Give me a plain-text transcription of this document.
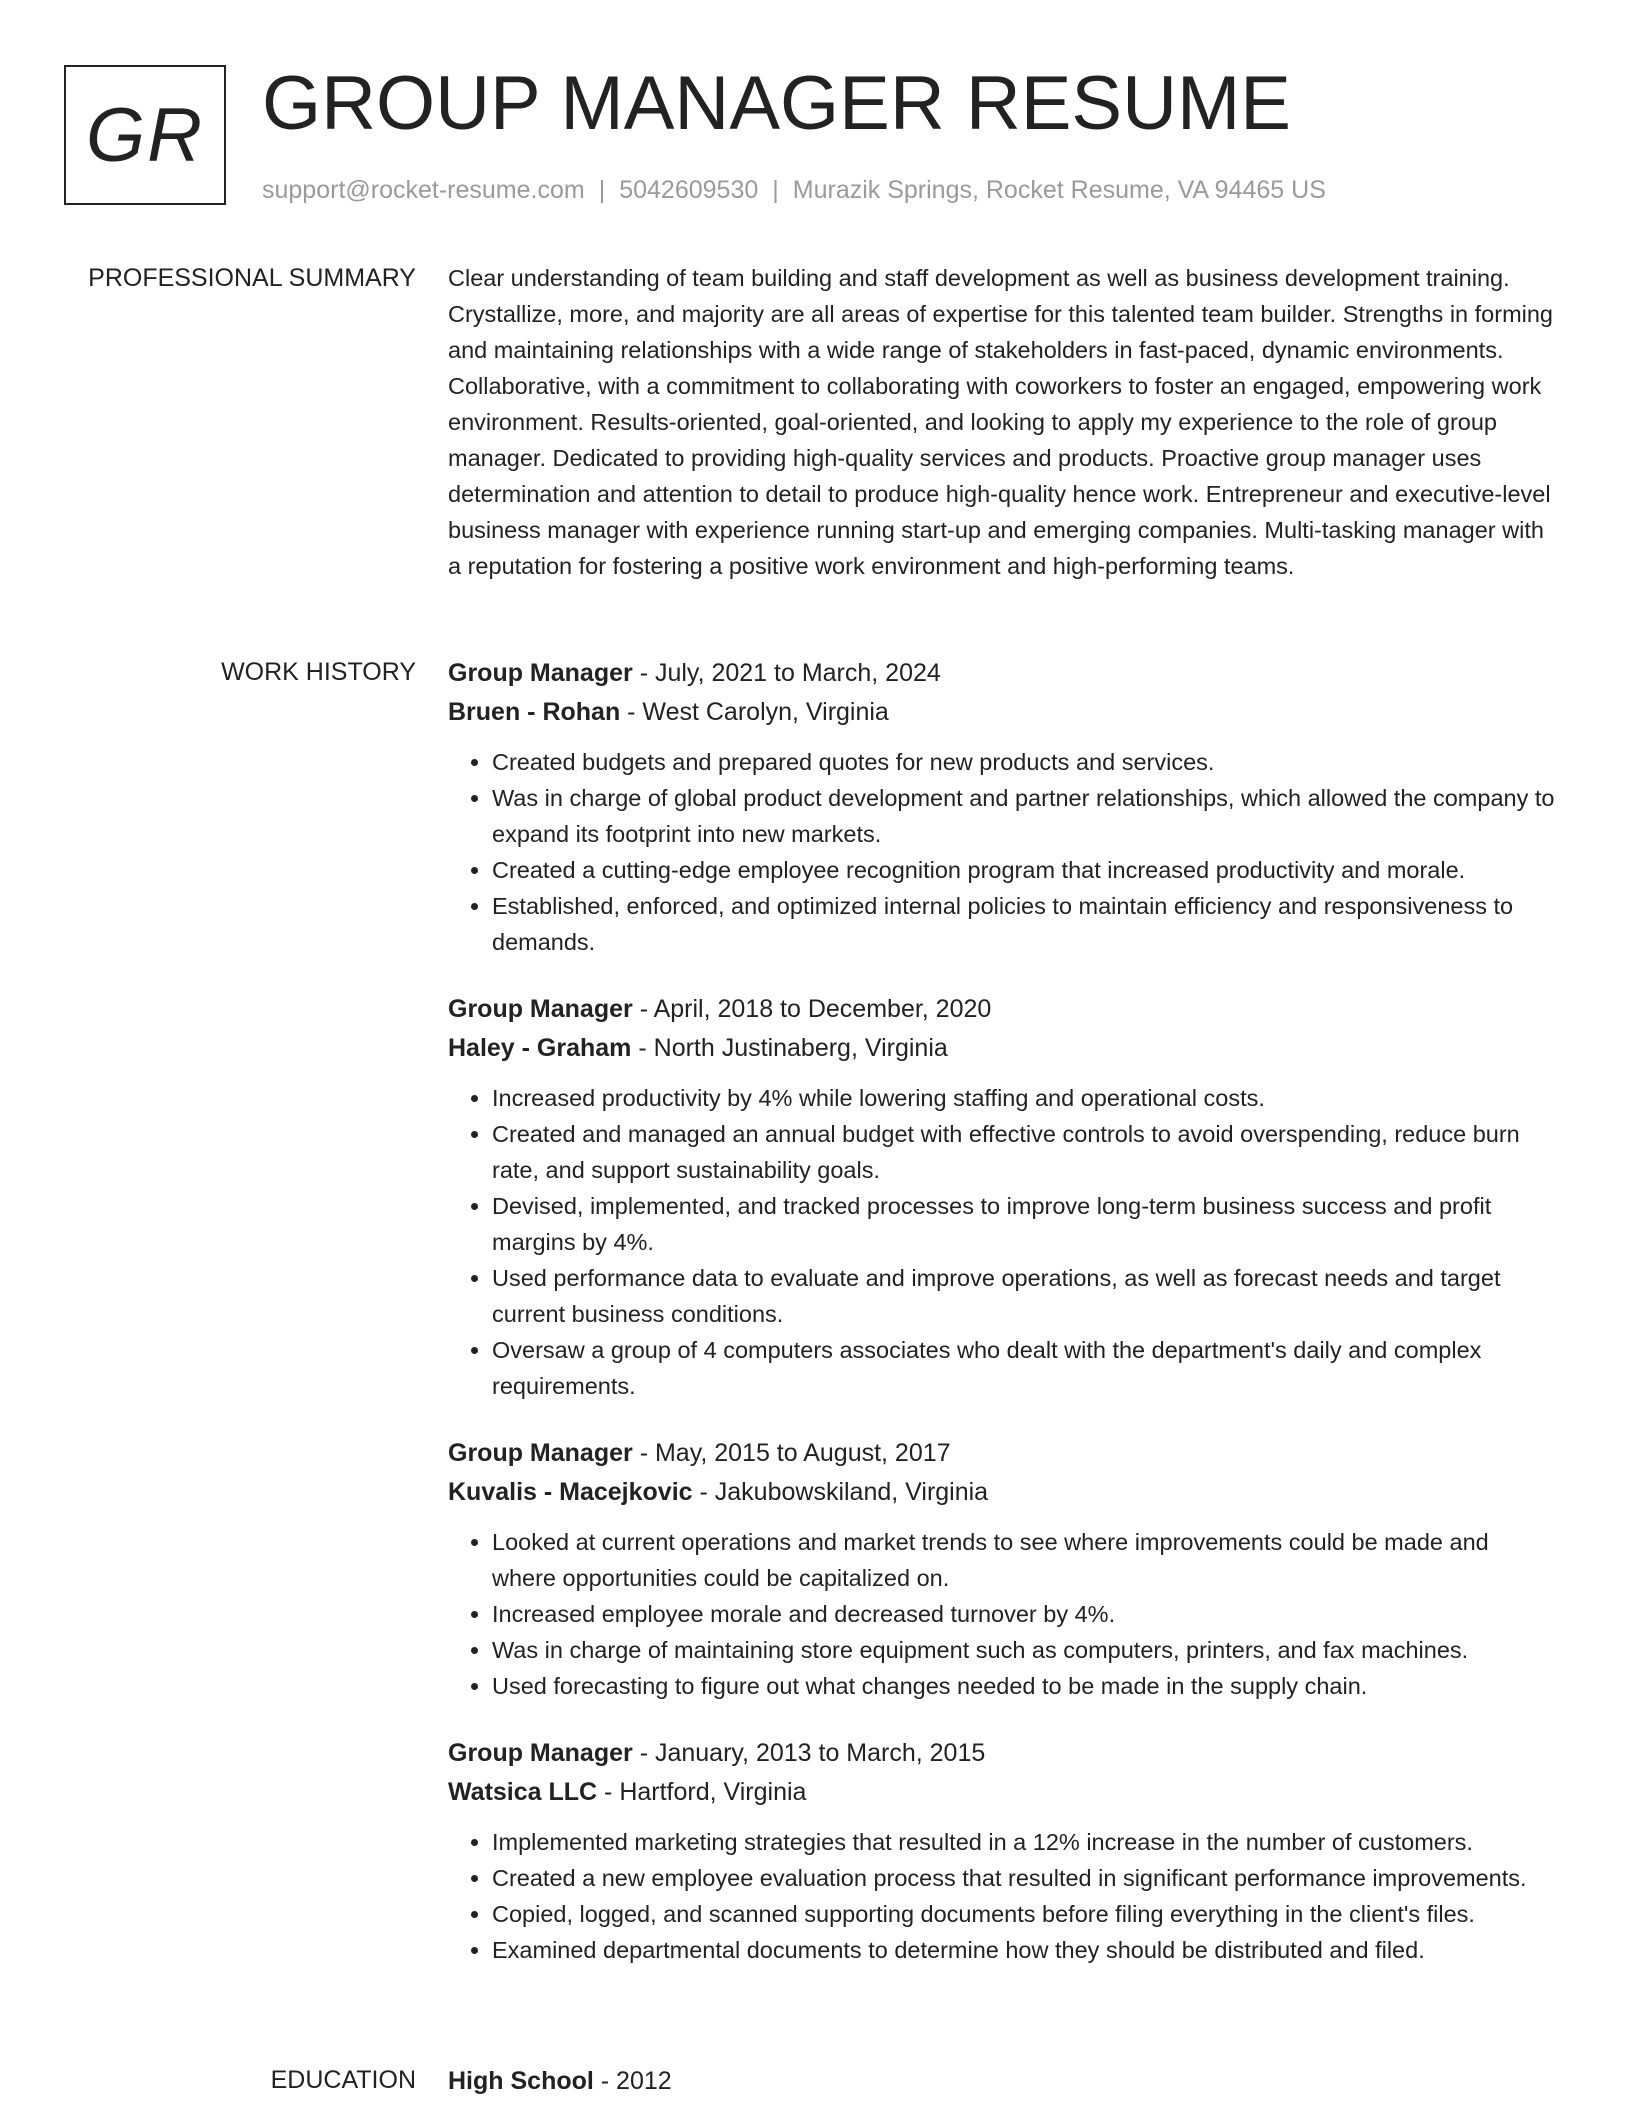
GR GROUP MANAGER RESUME
support@rocket-resume.com | 5042609530 | Murazik Springs, Rocket Resume, VA 94465 US
PROFESSIONAL SUMMARY Clear understanding of team building and staff development as well as business development training. Crystallize, more, and majority are all areas of expertise for this talented team builder. Strengths in forming and maintaining relationships with a wide range of stakeholders in fast-paced, dynamic environments. Collaborative, with a commitment to collaborating with coworkers to foster an engaged, empowering work environment. Results-oriented, goal-oriented, and looking to apply my experience to the role of group manager. Dedicated to providing high-quality services and products. Proactive group manager uses determination and attention to detail to produce high-quality hence work. Entrepreneur and executive-level business manager with experience running start-up and emerging companies. Multi-tasking manager with a reputation for fostering a positive work environment and high-performing teams.

WORK HISTORY Group Manager - July, 2021 to March, 2024
Bruen - Rohan - West Carolyn, Virginia
• Created budgets and prepared quotes for new products and services.
• Was in charge of global product development and partner relationships, which allowed the company to expand its footprint into new markets.
• Created a cutting-edge employee recognition program that increased productivity and morale.
• Established, enforced, and optimized internal policies to maintain efficiency and responsiveness to demands.
Group Manager - April, 2018 to December, 2020
Haley - Graham - North Justinaberg, Virginia
• Increased productivity by 4% while lowering staffing and operational costs.
• Created and managed an annual budget with effective controls to avoid overspending, reduce burn rate, and support sustainability goals.
• Devised, implemented, and tracked processes to improve long-term business success and profit margins by 4%.
• Used performance data to evaluate and improve operations, as well as forecast needs and target current business conditions.
• Oversaw a group of 4 computers associates who dealt with the department's daily and complex requirements.
Group Manager - May, 2015 to August, 2017
Kuvalis - Macejkovic - Jakubowskiland, Virginia
• Looked at current operations and market trends to see where improvements could be made and where opportunities could be capitalized on.
• Increased employee morale and decreased turnover by 4%.
• Was in charge of maintaining store equipment such as computers, printers, and fax machines.
• Used forecasting to figure out what changes needed to be made in the supply chain.
Group Manager - January, 2013 to March, 2015
Watsica LLC - Hartford, Virginia
• Implemented marketing strategies that resulted in a 12% increase in the number of customers.
• Created a new employee evaluation process that resulted in significant performance improvements.
• Copied, logged, and scanned supporting documents before filing everything in the client's files.
• Examined departmental documents to determine how they should be distributed and filed.
EDUCATION High School - 2012
